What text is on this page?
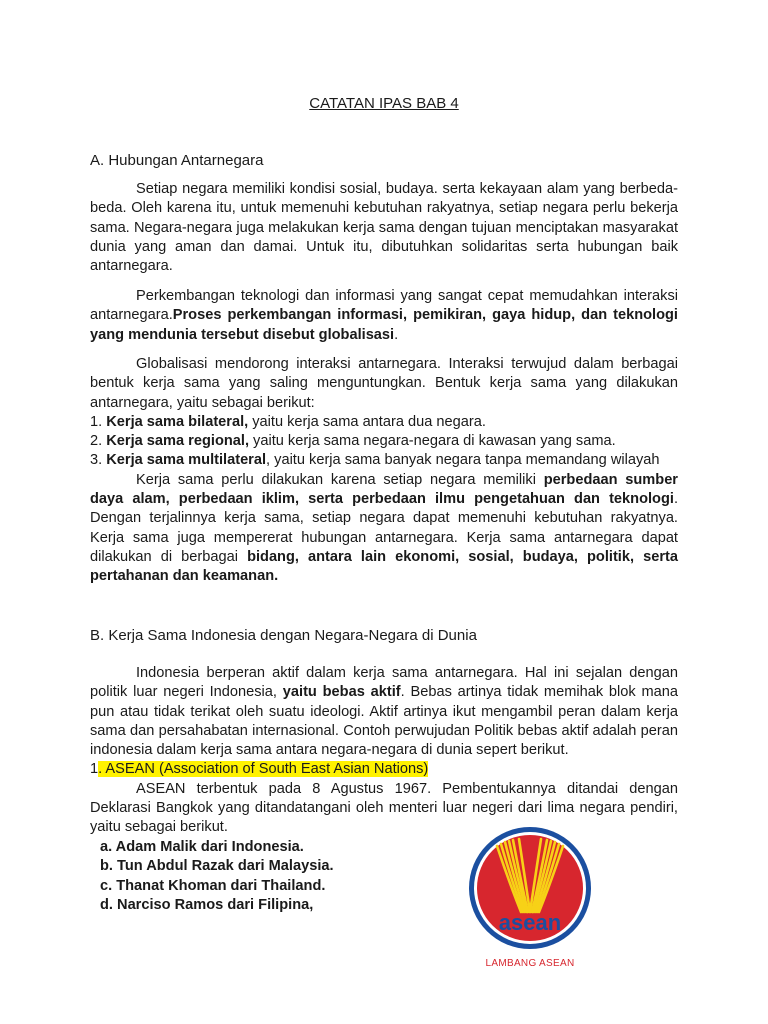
CATATAN IPAS BAB 4
A. Hubungan Antarnegara

Setiap negara memiliki kondisi sosial, budaya. serta kekayaan alam yang berbeda-beda. Oleh karena itu, untuk memenuhi kebutuhan rakyatnya, setiap negara perlu bekerja sama. Negara-negara juga melakukan kerja sama dengan tujuan menciptakan masyarakat dunia yang aman dan damai. Untuk itu, dibutuhkan solidaritas serta hubungan baik antarnegara.

Perkembangan teknologi dan informasi yang sangat cepat memudahkan interaksi antarnegara.Proses perkembangan informasi, pemikiran, gaya hidup, dan teknologi yang mendunia tersebut disebut globalisasi.

Globalisasi mendorong interaksi antarnegara. Interaksi terwujud dalam berbagai bentuk kerja sama yang saling menguntungkan. Bentuk kerja sama yang dilakukan antarnegara, yaitu sebagai berikut:

1. Kerja sama bilateral, yaitu kerja sama antara dua negara.

2. Kerja sama regional, yaitu kerja sama negara-negara di kawasan yang sama.

3. Kerja sama multilateral, yaitu kerja sama banyak negara tanpa memandang wilayah

Kerja sama perlu dilakukan karena setiap negara memiliki perbedaan sumber daya alam, perbedaan iklim, serta perbedaan ilmu pengetahuan dan teknologi. Dengan terjalinnya kerja sama, setiap negara dapat memenuhi kebutuhan rakyatnya. Kerja sama juga mempererat hubungan antarnegara. Kerja sama antarnegara dapat dilakukan di berbagai bidang, antara lain ekonomi, sosial, budaya, politik, serta pertahanan dan keamanan.

B. Kerja Sama Indonesia dengan Negara-Negara di Dunia

Indonesia berperan aktif dalam kerja sama antarnegara. Hal ini sejalan dengan politik luar negeri Indonesia, yaitu bebas aktif. Bebas artinya tidak memihak blok mana pun atau tidak terikat oleh suatu ideologi. Aktif artinya ikut mengambil peran dalam kerja sama dan persahabatan internasional. Contoh perwujudan Politik bebas aktif adalah peran indonesia dalam kerja sama antara negara-negara di dunia sepert berikut.

1. ASEAN (Association of South East Asian Nations)

ASEAN terbentuk pada 8 Agustus 1967. Pembentukannya ditandai dengan Deklarasi Bangkok yang ditandatangani oleh menteri luar negeri dari lima negara pendiri, yaitu sebagai berikut.

a. Adam Malik dari Indonesia.
b. Tun Abdul Razak dari Malaysia.
c. Thanat Khoman dari Thailand.
d. Narciso Ramos dari Filipina,
asean
LAMBANG ASEAN
